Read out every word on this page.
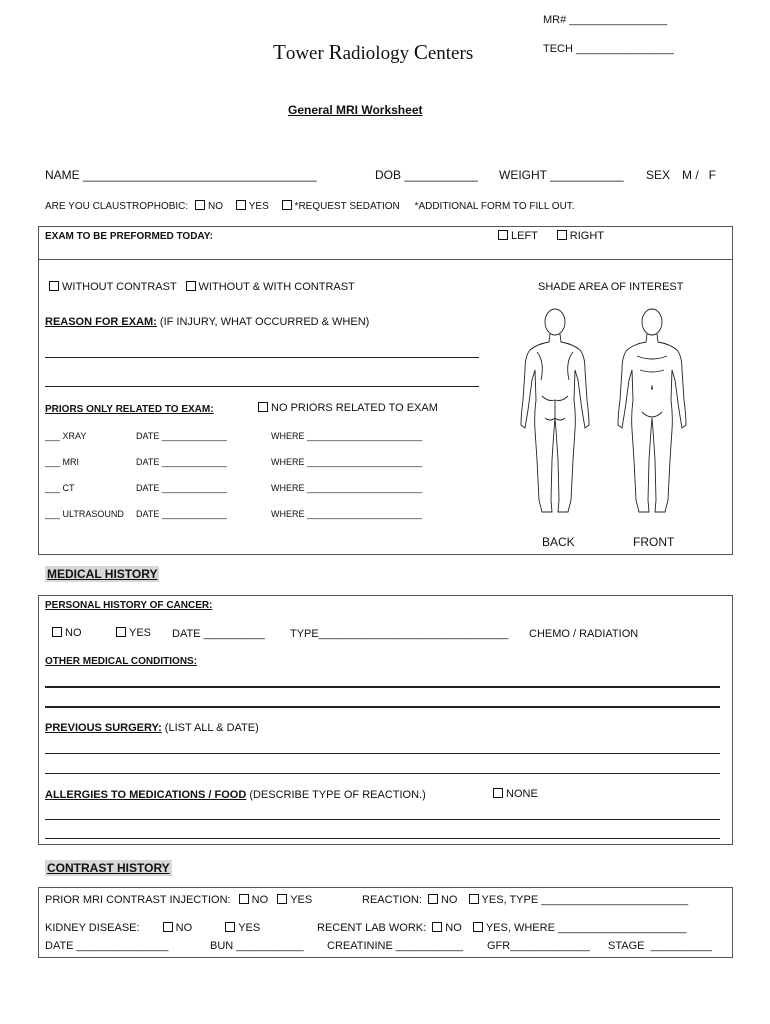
MR# ________________
TECH ________________
Tower Radiology Centers
General MRI Worksheet
NAME ___________________________________	DOB ___________ WEIGHT ___________ SEX M /   F
ARE YOU CLAUSTROPHOBIC: NO	YES	*REQUEST SEDATION *ADDITIONAL FORM TO FILL OUT.
EXAM TO BE PREFORMED TODAY:	LEFT	RIGHT
WITHOUT CONTRAST WITHOUT & WITH CONTRAST	SHADE AREA OF INTEREST
REASON FOR EXAM: (IF INJURY, WHAT OCCURRED & WHEN)
PRIORS ONLY RELATED TO EXAM:	NO PRIORS RELATED TO EXAM
___ XRAY	DATE _____________	WHERE _______________________
___ MRI	DATE _____________	WHERE _______________________
___ CT	DATE _____________	WHERE _______________________
___ ULTRASOUND DATE _____________	WHERE _______________________
BACK	FRONT
MEDICAL HISTORY
PERSONAL HISTORY OF CANCER:
NO	YES DATE __________ TYPE_______________________________ CHEMO / RADIATION
OTHER MEDICAL CONDITIONS:
PREVIOUS SURGERY: (LIST ALL & DATE)
ALLERGIES TO MEDICATIONS / FOOD (DESCRIBE TYPE OF REACTION.)	NONE
CONTRAST HISTORY
PRIOR MRI CONTRAST INJECTION: NO YES	REACTION: NO YES, TYPE ________________________
KIDNEY DISEASE:	NO	YES	RECENT LAB WORK: NO YES, WHERE _____________________
DATE _______________	BUN ___________ CREATININE ___________ GFR_____________ STAGE  __________
